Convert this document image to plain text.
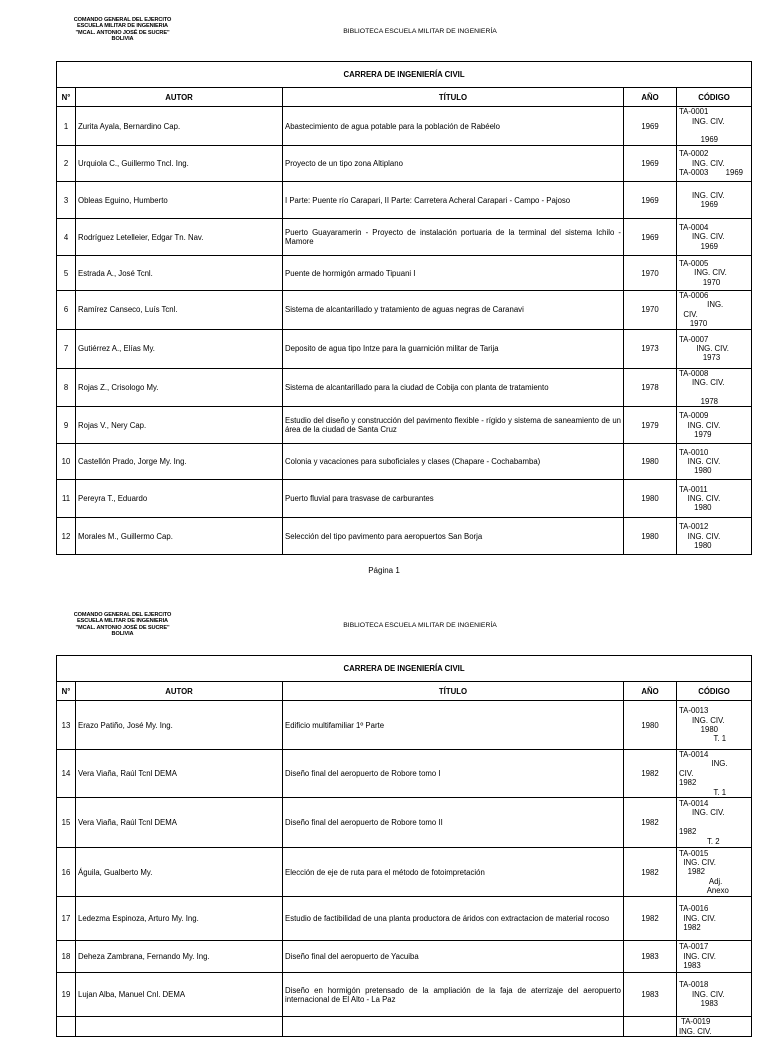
COMANDO GENERAL DEL EJERCITO
ESCUELA MILITAR DE INGENIERIA
"MCAL. ANTONIO JOSÉ DE SUCRE"
BOLIVIA
BIBLIOTECA ESCUELA MILITAR DE INGENIERÍA
CARRERA DE INGENIERÍA CIVIL				
N°	AUTOR	TÍTULO	AÑO	CÓDIGO
1	Zurita Ayala, Bernardino Cap.	Abastecimiento de agua potable para la población de Rabéelo	1969	TA-0001
ING. CIV.

1969

2	Urquiola C., Guillermo Tncl. Ing.	Proyecto de un tipo zona Altiplano	1969	TA-0002
ING. CIV.
TA-0003        1969

3	Obleas Eguino, Humberto	I Parte: Puente río Carapari, II Parte: Carretera Acheral Carapari - Campo - Pajoso	1969	ING. CIV.
1969

4	Rodríguez Letelleier, Edgar Tn. Nav.	Puerto Guayaramerin - Proyecto de instalación portuaria de la terminal del sistema Ichilo - Mamore	1969	TA-0004
ING. CIV.
1969

5	Estrada A., José Tcnl.	Puente de hormigón armado Tipuani I	1970	TA-0005
ING. CIV.
1970

6	Ramírez Canseco, Luís Tcnl.	Sistema de alcantarillado y tratamiento de aguas negras de Caranavi	1970	TA-0006
ING.
CIV.
1970

7	Gutiérrez A., Elías My.	Deposito de agua tipo Intze para la guarnición militar de Tarija	1973	TA-0007
ING. CIV.
1973

8	Rojas Z., Crisologo My.	Sistema de alcantarillado para la ciudad de Cobija con planta de tratamiento	1978	TA-0008
ING. CIV.

1978

9	Rojas V., Nery Cap.	Estudio del diseño y construcción del pavimento flexible - rígido y sistema de saneamiento de un área de la ciudad de Santa Cruz	1979	TA-0009
ING. CIV.
1979

10	Castellón Prado, Jorge My. Ing.	Colonia y vacaciones para suboficiales y clases (Chapare - Cochabamba)	1980	TA-0010
ING. CIV.
1980

11	Pereyra T., Eduardo	Puerto fluvial para trasvase de carburantes	1980	TA-0011
ING. CIV.
1980

12	Morales M., Guillermo Cap.	Selección del tipo pavimento para aeropuertos San Borja	1980	TA-0012
ING. CIV.
1980
Página 1
COMANDO GENERAL DEL EJERCITO
ESCUELA MILITAR DE INGENIERIA
"MCAL. ANTONIO JOSÉ DE SUCRE"
BOLIVIA
BIBLIOTECA ESCUELA MILITAR DE INGENIERÍA
CARRERA DE INGENIERÍA CIVIL				
N°	AUTOR	TÍTULO	AÑO	CÓDIGO
13	Erazo Patiño, José My. Ing.	Edificio multifamiliar 1º Parte	1980	TA-0013
ING. CIV.
1980
T. 1

14	Vera Viaña, Raúl Tcnl DEMA	Diseño final del aeropuerto de Robore tomo I	1982	TA-0014
ING.
CIV.
1982
T. 1

15	Vera Viaña, Raúl Tcnl DEMA	Diseño final del aeropuerto de Robore tomo II	1982	TA-0014
ING. CIV.

1982
T. 2

16	Águila, Gualberto My.	Elección de eje de ruta para el método de fotoimpretación	1982	TA-0015
ING. CIV.
1982
Adj.
Anexo

17	Ledezma Espinoza, Arturo My. Ing.	Estudio de factibilidad de una planta productora de áridos con extractacion de material rocoso	1982	TA-0016
ING. CIV.
1982

18	Deheza Zambrana, Fernando My. Ing.	Diseño final del aeropuerto de Yacuiba	1983	TA-0017
ING. CIV.
1983

19	Lujan Alba, Manuel Cnl. DEMA	Diseño en hormigón pretensado de la ampliación de la faja de aterrizaje del aeropuerto internacional de El Alto - La Paz	1983	TA-0018
ING. CIV.
1983

				TA-0019
ING. CIV.
